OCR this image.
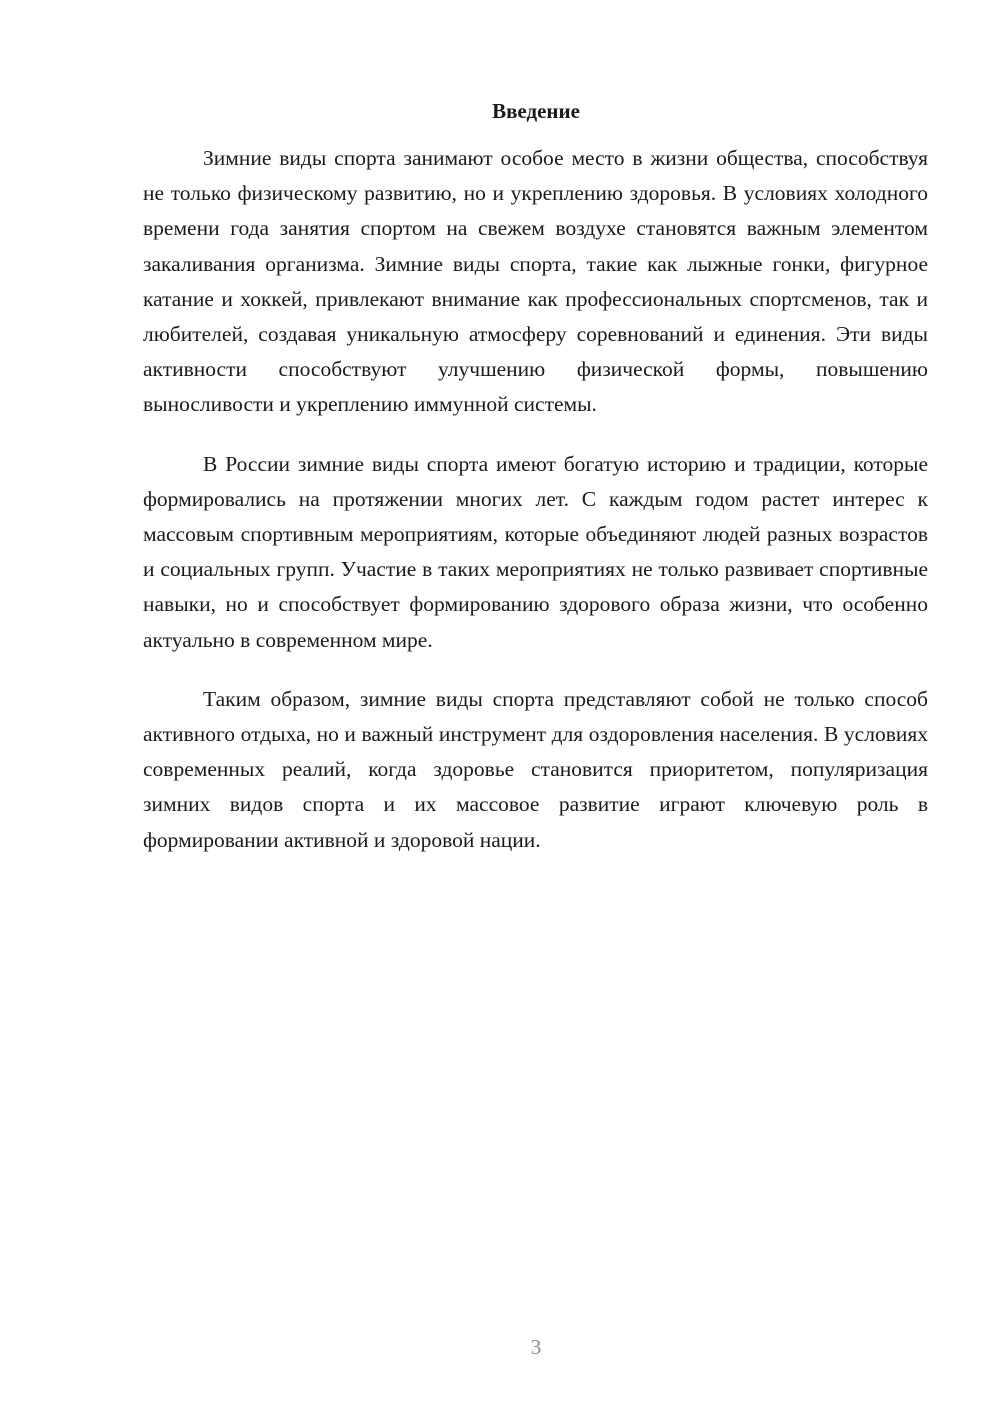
Введение

Зимние виды спорта занимают особое место в жизни общества, способствуя не только физическому развитию, но и укреплению здоровья. В условиях холодного времени года занятия спортом на свежем воздухе становятся важным элементом закаливания организма. Зимние виды спорта, такие как лыжные гонки, фигурное катание и хоккей, привлекают внимание как профессиональных спортсменов, так и любителей, создавая уникальную атмосферу соревнований и единения. Эти виды активности способствуют улучшению физической формы, повышению выносливости и укреплению иммунной системы.

В России зимние виды спорта имеют богатую историю и традиции, которые формировались на протяжении многих лет. С каждым годом растет интерес к массовым спортивным мероприятиям, которые объединяют людей разных возрастов и социальных групп. Участие в таких мероприятиях не только развивает спортивные навыки, но и способствует формированию здорового образа жизни, что особенно актуально в современном мире.

Таким образом, зимние виды спорта представляют собой не только способ активного отдыха, но и важный инструмент для оздоровления населения. В условиях современных реалий, когда здоровье становится приоритетом, популяризация зимних видов спорта и их массовое развитие играют ключевую роль в формировании активной и здоровой нации.

3
